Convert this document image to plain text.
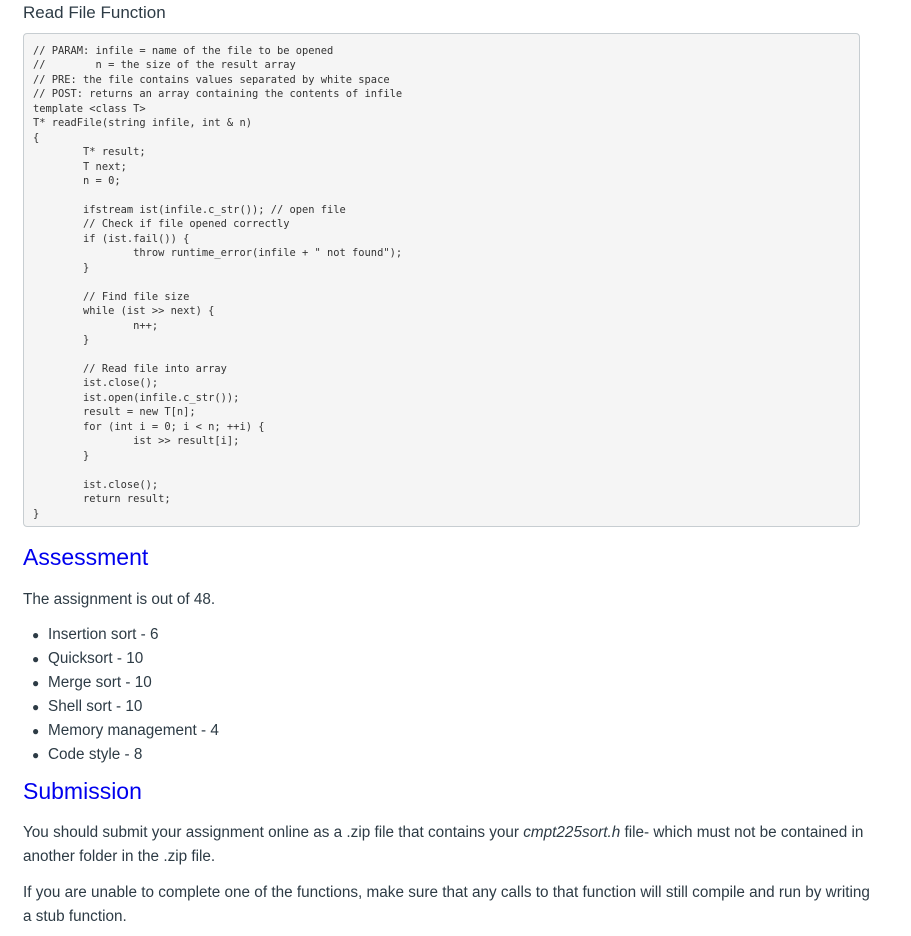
Read File Function
// PARAM: infile = name of the file to be opened
//        n = the size of the result array
// PRE: the file contains values separated by white space
// POST: returns an array containing the contents of infile
template <class T>
T* readFile(string infile, int & n)
{
T* result;
T next;
n = 0;

ifstream ist(infile.c_str()); // open file
// Check if file opened correctly
if (ist.fail()) {
throw runtime_error(infile + " not found");
}

// Find file size
while (ist >> next) {
n++;
}

// Read file into array
ist.close();
ist.open(infile.c_str());
result = new T[n];
for (int i = 0; i < n; ++i) {
ist >> result[i];
}

ist.close();
return result;
}
Assessment

The assignment is out of 48.

● Insertion sort - 6
● Quicksort - 10
● Merge sort - 10
● Shell sort - 10
● Memory management - 4
● Code style - 8
Submission

You should submit your assignment online as a .zip file that contains your cmpt225sort.h file- which must not be contained in another folder in the .zip file.

If you are unable to complete one of the functions, make sure that any calls to that function will still compile and run by writing a stub function.
